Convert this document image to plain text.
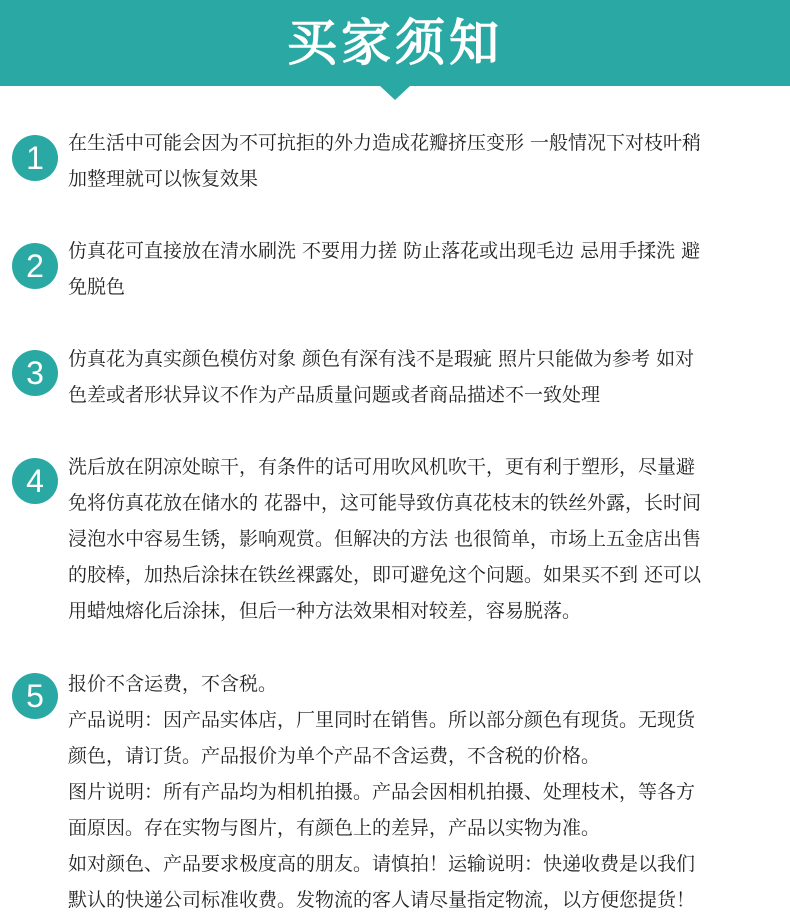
买家须知
1	在生活中可能会因为不可抗拒的外力造成花瓣挤压变形 一般情况下对枝叶稍
加整理就可以恢复效果
2	仿真花可直接放在清水刷洗 不要用力搓 防止落花或出现毛边 忌用手揉洗 避
免脱色
3	仿真花为真实颜色模仿对象 颜色有深有浅不是瑕疵 照片只能做为参考 如对
色差或者形状异议不作为产品质量问题或者商品描述不一致处理
4	洗后放在阴凉处晾干，有条件的话可用吹风机吹干，更有利于塑形，尽量避
免将仿真花放在储水的 花器中，这可能导致仿真花枝末的铁丝外露，长时间
浸泡水中容易生锈，影响观赏。但解决的方法 也很简单，市场上五金店出售
的胶棒，加热后涂抹在铁丝裸露处，即可避免这个问题。如果买不到 还可以
用蜡烛熔化后涂抹，但后一种方法效果相对较差，容易脱落。
5	报价不含运费，不含税。
产品说明：因产品实体店，厂里同时在销售。所以部分颜色有现货。无现货
颜色，请订货。产品报价为单个产品不含运费，不含税的价格。
图片说明：所有产品均为相机拍摄。产品会因相机拍摄、处理枝术，等各方
面原因。存在实物与图片，有颜色上的差异，产品以实物为准。
如对颜色、产品要求极度高的朋友。请慎拍！运输说明：快递收费是以我们
默认的快递公司标准收费。发物流的客人请尽量指定物流，以方便您提货！
